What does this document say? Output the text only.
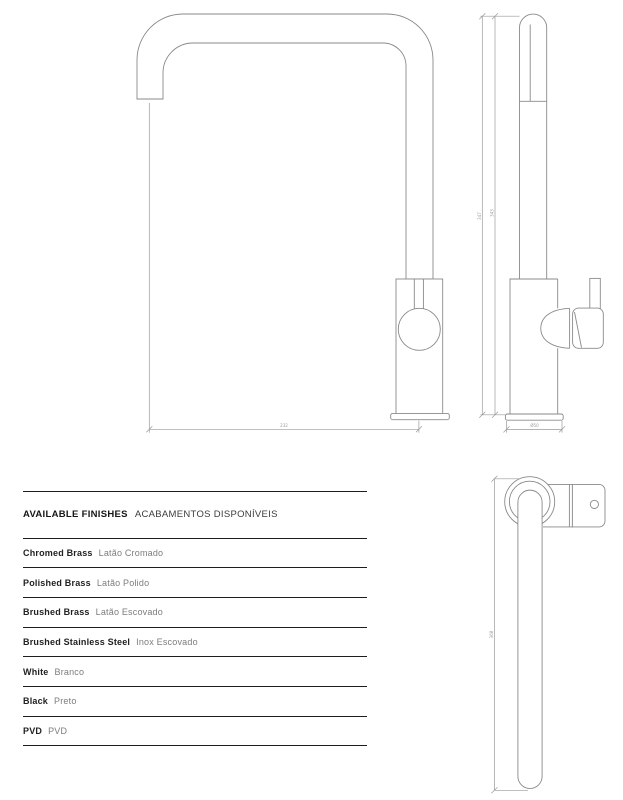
232
347 343
Ø50
368
AVAILABLE FINISHES ACABAMENTOS DISPONÍVEIS
Chromed Brass Latão Cromado
Polished Brass Latão Polido
Brushed Brass Latão Escovado
Brushed Stainless Steel Inox Escovado
White Branco
Black Preto
PVD PVD
